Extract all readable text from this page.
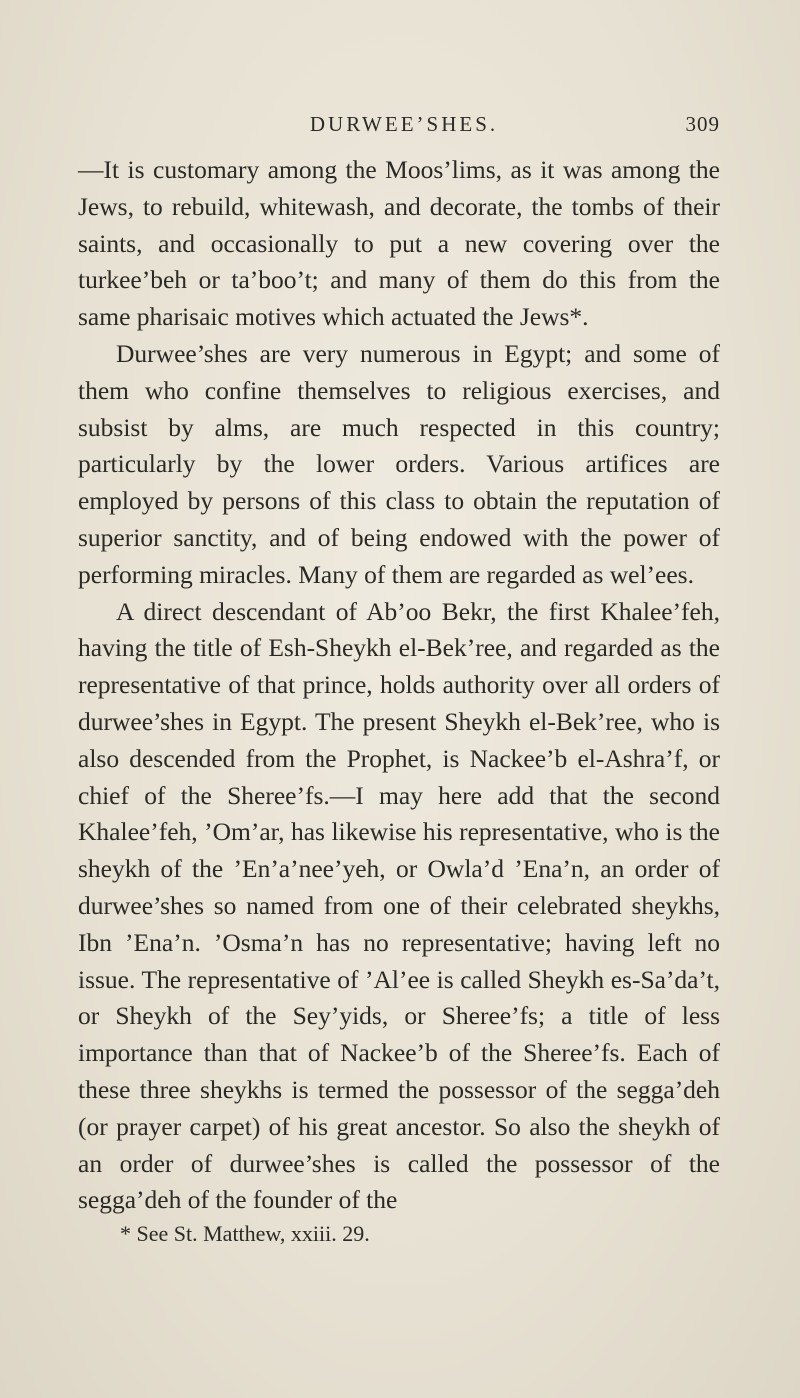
DURWEE’SHES.	309

—It is customary among the Moos’lims, as it was among the Jews, to rebuild, whitewash, and decorate, the tombs of their saints, and occasionally to put a new covering over the turkee’beh or ta’boo’t; and many of them do this from the same pharisaic motives which actuated the Jews*.

Durwee’shes are very numerous in Egypt; and some of them who confine themselves to religious exercises, and subsist by alms, are much respected in this country; particularly by the lower orders. Various artifices are employed by persons of this class to obtain the reputation of superior sanctity, and of being endowed with the power of performing miracles. Many of them are regarded as wel’ees.

A direct descendant of Ab’oo Bekr, the first Khalee’feh, having the title of Esh-Sheykh el-Bek’ree, and regarded as the representative of that prince, holds authority over all orders of durwee’shes in Egypt. The present Sheykh el-Bek’ree, who is also descended from the Prophet, is Nackee’b el-Ashra’f, or chief of the Sheree’fs.—I may here add that the second Khalee’feh, ’Om’ar, has likewise his representative, who is the sheykh of the ’En’a’nee’yeh, or Owla’d ’Ena’n, an order of durwee’shes so named from one of their celebrated sheykhs, Ibn ’Ena’n. ’Osma’n has no representative; having left no issue. The representative of ’Al’ee is called Sheykh es-Sa’da’t, or Sheykh of the Sey’yids, or Sheree’fs; a title of less importance than that of Nackee’b of the Sheree’fs. Each of these three sheykhs is termed the possessor of the segga’deh (or prayer carpet) of his great ancestor. So also the sheykh of an order of durwee’shes is called the possessor of the segga’deh of the founder of the

* See St. Matthew, xxiii. 29.
